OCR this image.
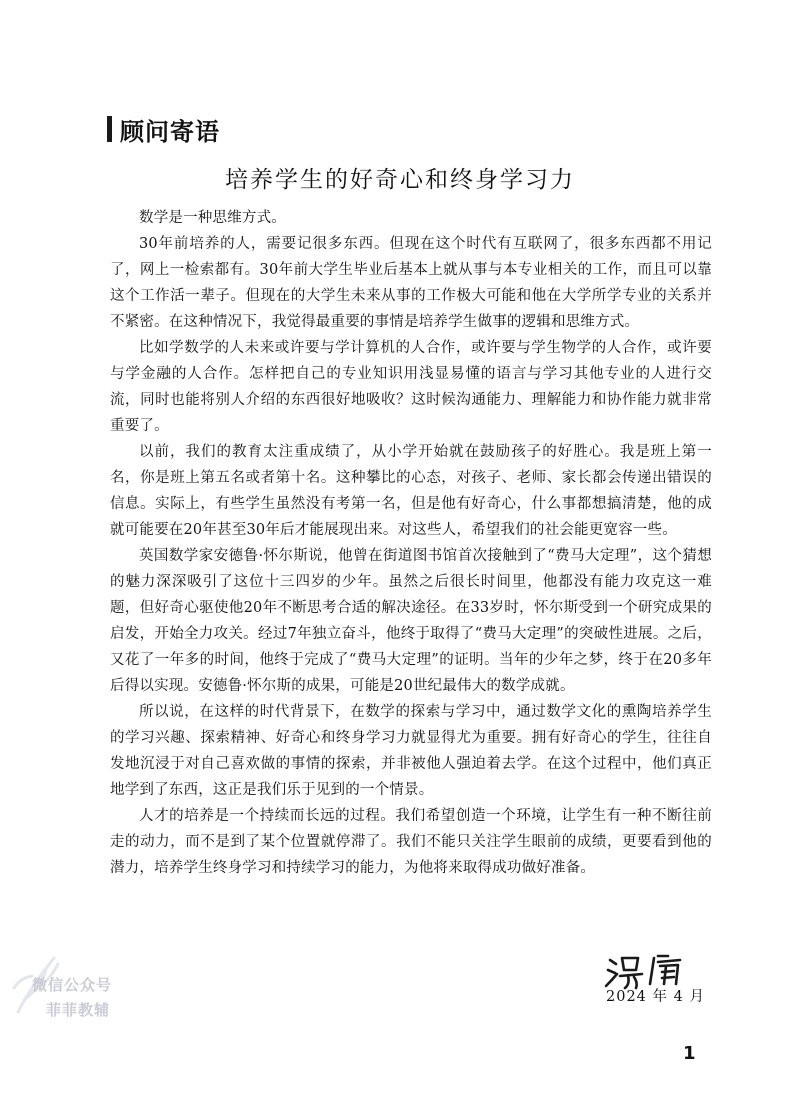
顾问寄语
培养学生的好奇心和终身学习力

数学是一种思维方式。

30年前培养的人，需要记很多东西。但现在这个时代有互联网了，很多东西都不用记了，网上一检索都有。30年前大学生毕业后基本上就从事与本专业相关的工作，而且可以靠这个工作活一辈子。但现在的大学生未来从事的工作极大可能和他在大学所学专业的关系并不紧密。在这种情况下，我觉得最重要的事情是培养学生做事的逻辑和思维方式。

比如学数学的人未来或许要与学计算机的人合作，或许要与学生物学的人合作，或许要与学金融的人合作。怎样把自己的专业知识用浅显易懂的语言与学习其他专业的人进行交流，同时也能将别人介绍的东西很好地吸收？这时候沟通能力、理解能力和协作能力就非常重要了。

以前，我们的教育太注重成绩了，从小学开始就在鼓励孩子的好胜心。我是班上第一名，你是班上第五名或者第十名。这种攀比的心态，对孩子、老师、家长都会传递出错误的信息。实际上，有些学生虽然没有考第一名，但是他有好奇心，什么事都想搞清楚，他的成就可能要在20年甚至30年后才能展现出来。对这些人，希望我们的社会能更宽容一些。

英国数学家安德鲁·怀尔斯说，他曾在街道图书馆首次接触到了“费马大定理”，这个猜想的魅力深深吸引了这位十三四岁的少年。虽然之后很长时间里，他都没有能力攻克这一难题，但好奇心驱使他20年不断思考合适的解决途径。在33岁时，怀尔斯受到一个研究成果的启发，开始全力攻关。经过7年独立奋斗，他终于取得了“费马大定理”的突破性进展。之后，又花了一年多的时间，他终于完成了“费马大定理”的证明。当年的少年之梦，终于在20多年后得以实现。安德鲁·怀尔斯的成果，可能是20世纪最伟大的数学成就。

所以说，在这样的时代背景下，在数学的探索与学习中，通过数学文化的熏陶培养学生的学习兴趣、探索精神、好奇心和终身学习力就显得尤为重要。拥有好奇心的学生，往往自发地沉浸于对自己喜欢做的事情的探索，并非被他人强迫着去学。在这个过程中，他们真正地学到了东西，这正是我们乐于见到的一个情景。

人才的培养是一个持续而长远的过程。我们希望创造一个环境，让学生有一种不断往前走的动力，而不是到了某个位置就停滞了。我们不能只关注学生眼前的成绩，更要看到他的潜力，培养学生终身学习和持续学习的能力，为他将来取得成功做好准备。

2024 年 4 月
微信公众号
菲菲教辅
1
